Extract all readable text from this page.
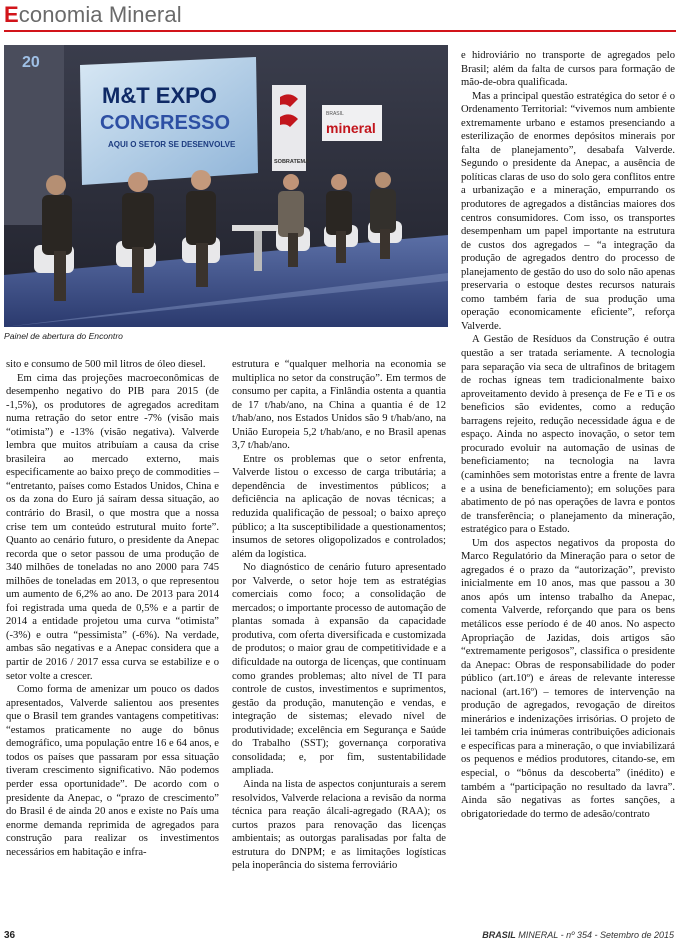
Economia Mineral
20
M&T EXPO
CONGRESSO
AQUI O SETOR SE DESENVOLVE
SOBRATEMA
BRASIL
mineral
Painel de abertura do Encontro

sito e consumo de 500 mil litros de óleo diesel.

Em cima das projeções macroeconômicas de desempenho negativo do PIB para 2015 (de -1,5%), os produtores de agregados acreditam numa retração do setor entre -7% (visão mais “otimista”) e -13% (visão negativa). Valverde lembra que muitos atribuíam a causa da crise brasileira ao mercado externo, mais especificamente ao baixo preço de commodities – “entretanto, países como Estados Unidos, China e os da zona do Euro já saíram dessa situação, ao contrário do Brasil, o que mostra que a nossa crise tem um conteúdo estrutural muito forte”. Quanto ao cenário futuro, o presidente da Anepac recorda que o setor passou de uma produção de 340 milhões de toneladas no ano 2000 para 745 milhões de toneladas em 2013, o que representou um aumento de 6,2% ao ano. De 2013 para 2014 foi registrada uma queda de 0,5% e a partir de 2014 a entidade projetou uma curva “otimista” (-3%) e outra “pessimista” (-6%). Na verdade, ambas são negativas e a Anepac considera que a partir de 2016 / 2017 essa curva se estabilize e o setor volte a crescer.

Como forma de amenizar um pouco os dados apresentados, Valverde salientou aos presentes que o Brasil tem grandes vantagens competitivas: “estamos praticamente no auge do bônus demográfico, uma população entre 16 e 64 anos, e todos os países que passaram por essa situação tiveram crescimento significativo. Não podemos perder essa oportunidade”. De acordo com o presidente da Anepac, o “prazo de crescimento” do Brasil é de ainda 20 anos e existe no País uma enorme demanda reprimida de agregados para construção para realizar os investimentos necessários em habitação e infra-

estrutura e “qualquer melhoria na economia se multiplica no setor da construção”. Em termos de consumo per capita, a Finlândia ostenta a quantia de 17 t/hab/ano, na China a quantia é de 12 t/hab/ano, nos Estados Unidos são 9 t/hab/ano, na União Europeia 5,2 t/hab/ano, e no Brasil apenas 3,7 t/hab/ano.

Entre os problemas que o setor enfrenta, Valverde listou o excesso de carga tributária; a dependência de investimentos públicos; a deficiência na aplicação de novas técnicas; a reduzida qualificação de pessoal; o baixo apreço público; a lta susceptibilidade a questionamentos; insumos de setores oligopolizados e controlados; além da logística.

No diagnóstico de cenário futuro apresentado por Valverde, o setor hoje tem as estratégias comerciais como foco; a consolidação de mercados; o importante processo de automação de plantas somada à expansão da capacidade produtiva, com oferta diversificada e customizada de produtos; o maior grau de competitividade e a dificuldade na outorga de licenças, que continuam como grandes problemas; alto nível de TI para controle de custos, investimentos e suprimentos, gestão da produção, manutenção e vendas, e integração de sistemas; elevado nível de produtividade; excelência em Segurança e Saúde do Trabalho (SST); governança corporativa consolidada; e, por fim, sustentabilidade ampliada.

Ainda na lista de aspectos conjunturais a serem resolvidos, Valverde relaciona a revisão da norma técnica para reação álcali-agregado (RAA); os curtos prazos para renovação das licenças ambientais; as outorgas paralisadas por falta de estrutura do DNPM; e as limitações logísticas pela inoperância do sistema ferroviário

e hidroviário no transporte de agregados pelo Brasil; além da falta de cursos para formação de mão-de-obra qualificada.

Mas a principal questão estratégica do setor é o Ordenamento Territorial: “vivemos num ambiente extremamente urbano e estamos presenciando a esterilização de enormes depósitos minerais por falta de planejamento”, desabafa Valverde. Segundo o presidente da Anepac, a ausência de políticas claras de uso do solo gera conflitos entre a urbanização e a mineração, empurrando os produtores de agregados a distâncias maiores dos centros consumidores. Com isso, os transportes desempenham um papel importante na estrutura de custos dos agregados – “a integração da produção de agregados dentro do processo de planejamento de gestão do uso do solo não apenas preservaria o estoque destes recursos naturais como também faria de sua produção uma operação economicamente eficiente”, reforça Valverde.

A Gestão de Resíduos da Construção é outra questão a ser tratada seriamente. A tecnologia para separação via seca de ultrafinos de britagem de rochas ígneas tem tradicionalmente baixo aproveitamento devido à presença de Fe e Ti e os beneficios são evidentes, como a redução barragens rejeito, redução necessidade água e de espaço. Ainda no aspecto inovação, o setor tem procurado evoluir na automação de usinas de beneficiamento; na tecnologia na lavra (caminhões sem motoristas entre a frente de lavra e a usina de beneficiamento); em soluções para abatimento de pó nas operações de lavra e pontos de transferência; o planejamento da mineração, estratégico para o Estado.

Um dos aspectos negativos da proposta do Marco Regulatório da Mineração para o setor de agregados é o prazo da “autorização”, previsto inicialmente em 10 anos, mas que passou a 30 anos após um intenso trabalho da Anepac, comenta Valverde, reforçando que para os bens metálicos esse período é de 40 anos. No aspecto Apropriação de Jazidas, dois artigos são “extremamente perigosos”, classifica o presidente da Anepac: Obras de responsabilidade do poder público (art.10º) e áreas de relevante interesse nacional (art.16º) – temores de intervenção na produção de agregados, revogação de direitos minerários e indenizações irrisórias. O projeto de lei também cria inúmeras contribuições adicionais e específicas para a mineração, o que inviabilizará os pequenos e médios produtores, citando-se, em especial, o “bônus da descoberta” (inédito) e também a “participação no resultado da lavra”. Ainda são negativas as fortes sanções, a obrigatoriedade do termo de adesão/contrato

36	BRASIL MINERAL - nº 354 - Setembro de 2015
